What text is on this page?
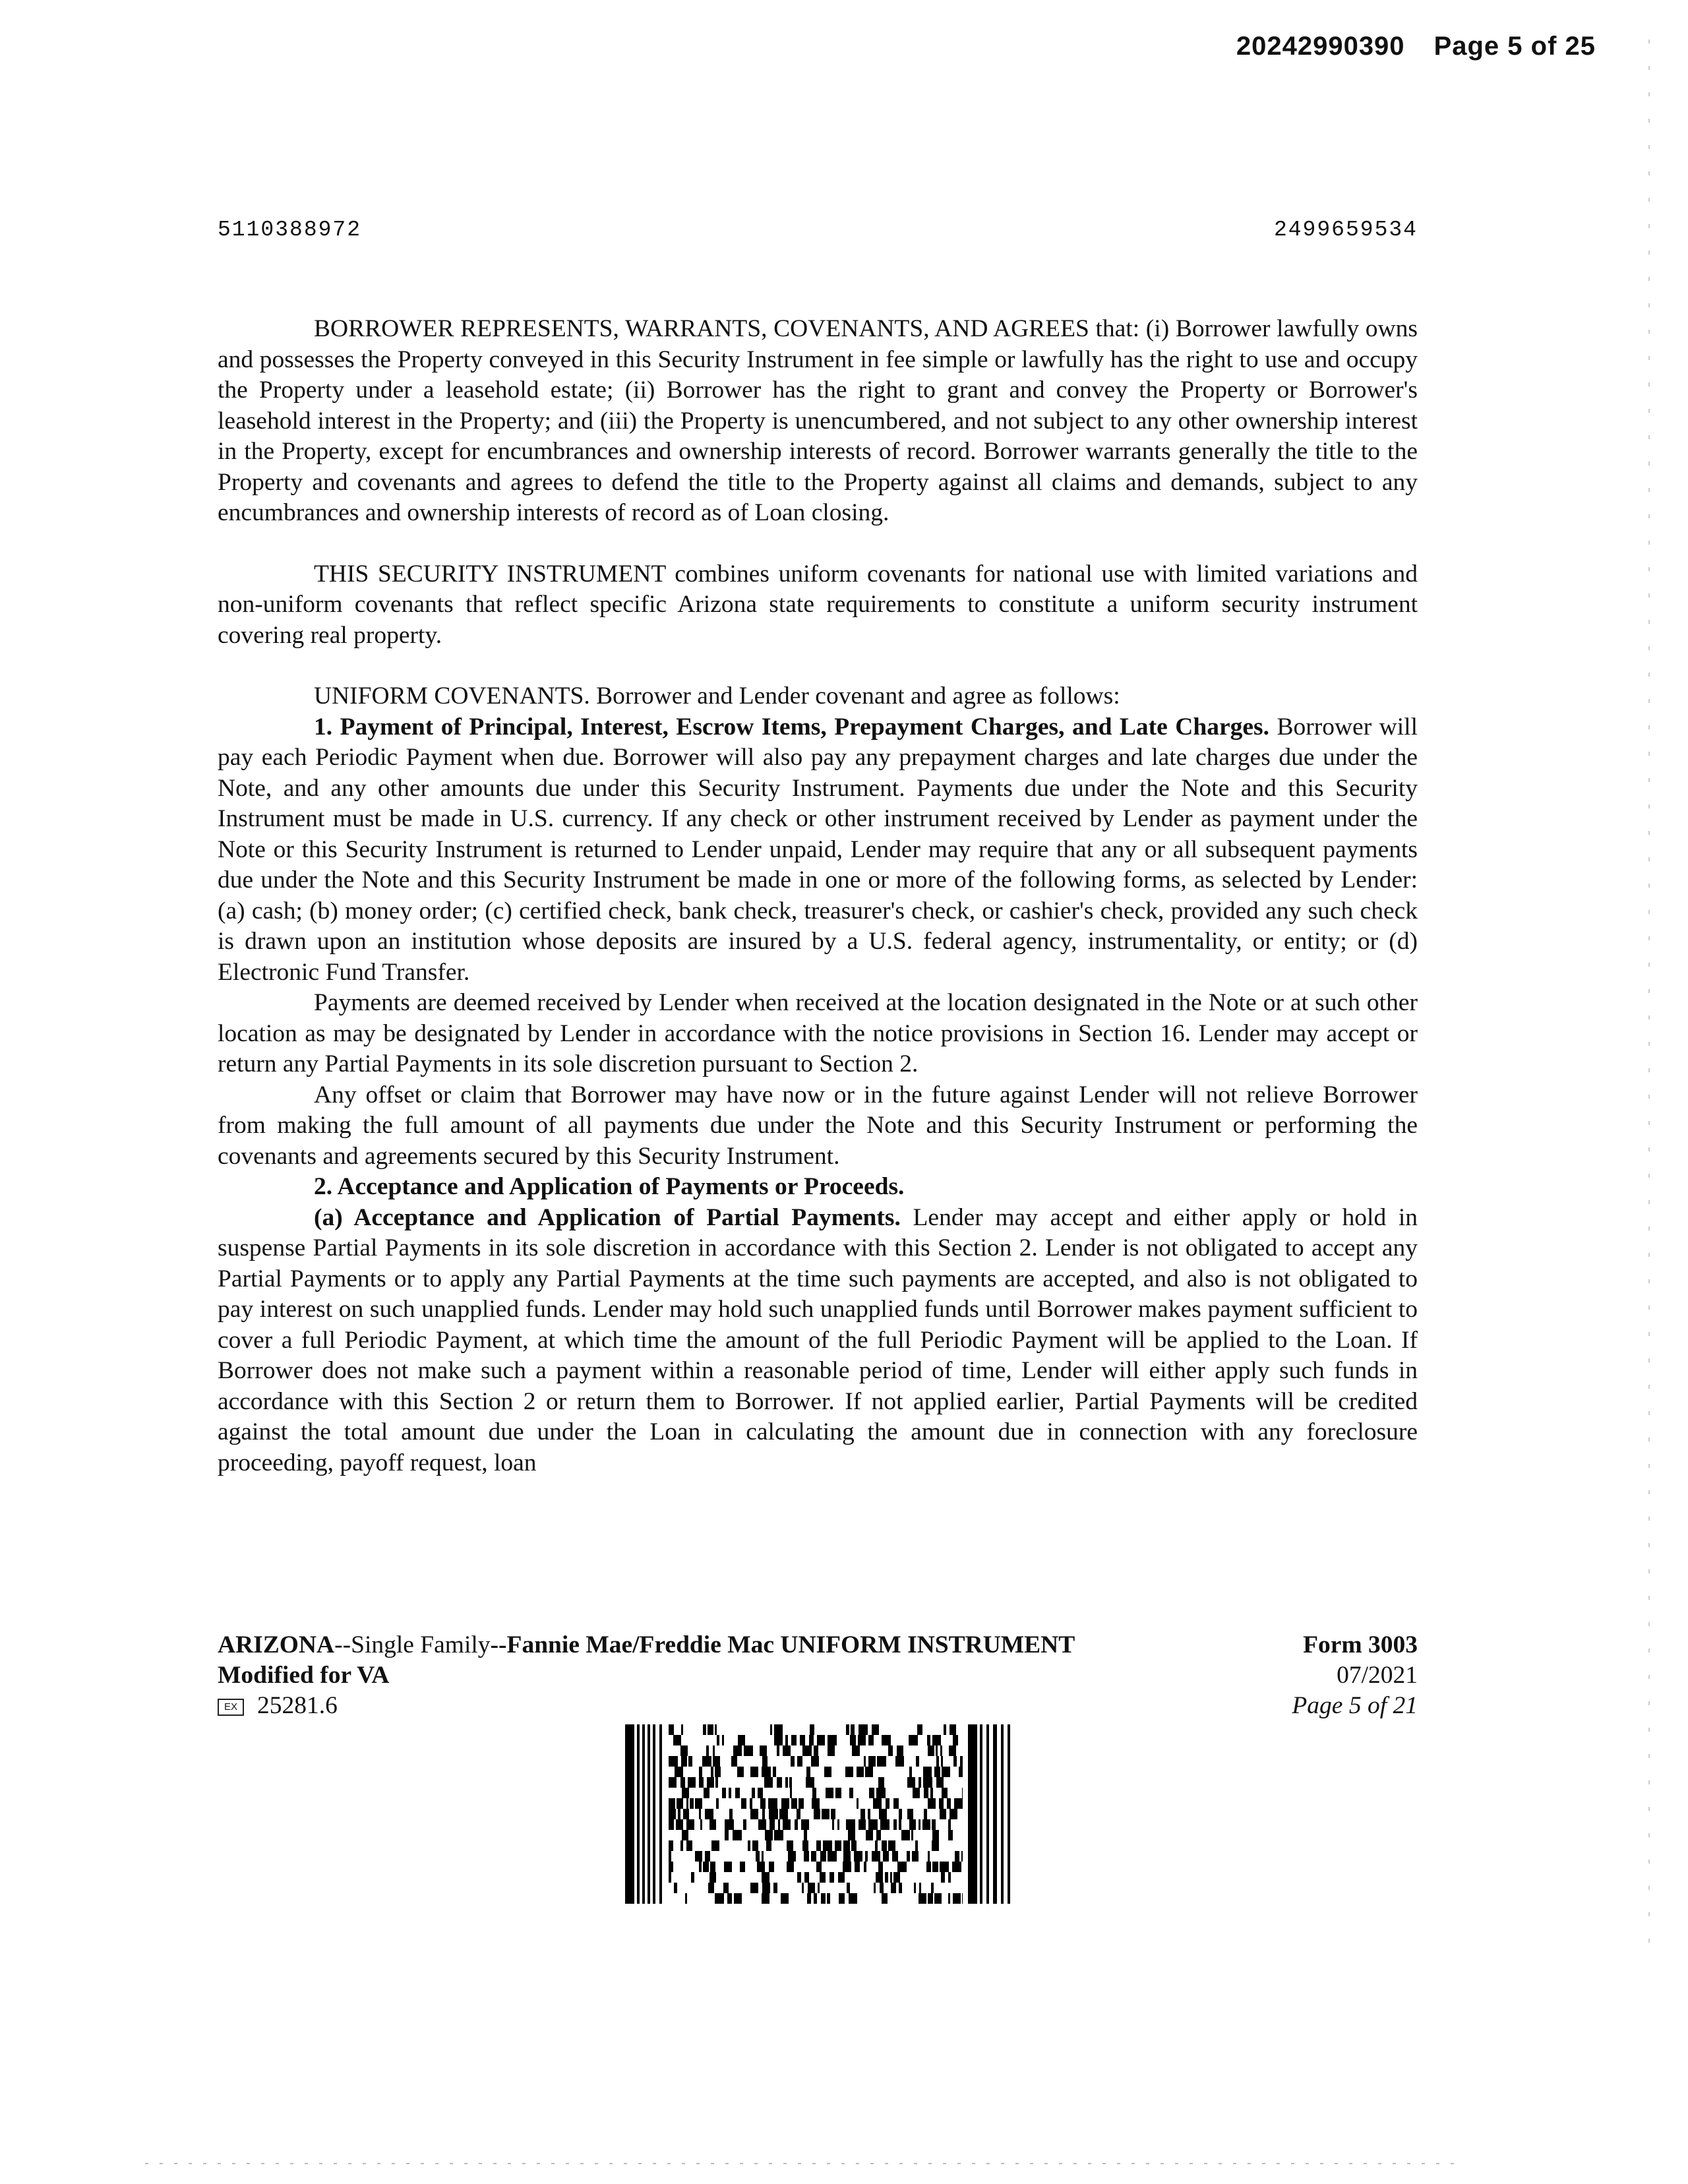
20242990390 Page 5 of 25
5110388972	2499659534

BORROWER REPRESENTS, WARRANTS, COVENANTS, AND AGREES that: (i) Borrower lawfully owns and possesses the Property conveyed in this Security Instrument in fee simple or lawfully has the right to use and occupy the Property under a leasehold estate; (ii) Borrower has the right to grant and convey the Property or Borrower's leasehold interest in the Property; and (iii) the Property is unencumbered, and not subject to any other ownership interest in the Property, except for encumbrances and ownership interests of record. Borrower warrants generally the title to the Property and covenants and agrees to defend the title to the Property against all claims and demands, subject to any encumbrances and ownership interests of record as of Loan closing.

THIS SECURITY INSTRUMENT combines uniform covenants for national use with limited variations and non-uniform covenants that reflect specific Arizona state requirements to constitute a uniform security instrument covering real property.

UNIFORM COVENANTS. Borrower and Lender covenant and agree as follows:

1. Payment of Principal, Interest, Escrow Items, Prepayment Charges, and Late Charges. Borrower will pay each Periodic Payment when due. Borrower will also pay any prepayment charges and late charges due under the Note, and any other amounts due under this Security Instrument. Payments due under the Note and this Security Instrument must be made in U.S. currency. If any check or other instrument received by Lender as payment under the Note or this Security Instrument is returned to Lender unpaid, Lender may require that any or all subsequent payments due under the Note and this Security Instrument be made in one or more of the following forms, as selected by Lender: (a) cash; (b) money order; (c) certified check, bank check, treasurer's check, or cashier's check, provided any such check is drawn upon an institution whose deposits are insured by a U.S. federal agency, instrumentality, or entity; or (d) Electronic Fund Transfer.

Payments are deemed received by Lender when received at the location designated in the Note or at such other location as may be designated by Lender in accordance with the notice provisions in Section 16. Lender may accept or return any Partial Payments in its sole discretion pursuant to Section 2.

Any offset or claim that Borrower may have now or in the future against Lender will not relieve Borrower from making the full amount of all payments due under the Note and this Security Instrument or performing the covenants and agreements secured by this Security Instrument.

2. Acceptance and Application of Payments or Proceeds.

(a) Acceptance and Application of Partial Payments. Lender may accept and either apply or hold in suspense Partial Payments in its sole discretion in accordance with this Section 2. Lender is not obligated to accept any Partial Payments or to apply any Partial Payments at the time such payments are accepted, and also is not obligated to pay interest on such unapplied funds. Lender may hold such unapplied funds until Borrower makes payment sufficient to cover a full Periodic Payment, at which time the amount of the full Periodic Payment will be applied to the Loan. If Borrower does not make such a payment within a reasonable period of time, Lender will either apply such funds in accordance with this Section 2 or return them to Borrower. If not applied earlier, Partial Payments will be credited against the total amount due under the Loan in calculating the amount due in connection with any foreclosure proceeding, payoff request, loan

ARIZONA--Single Family--Fannie Mae/Freddie Mac UNIFORM INSTRUMENT
Modified for VA
EX 25281.6
Form 3003
07/2021
Page 5 of 21
